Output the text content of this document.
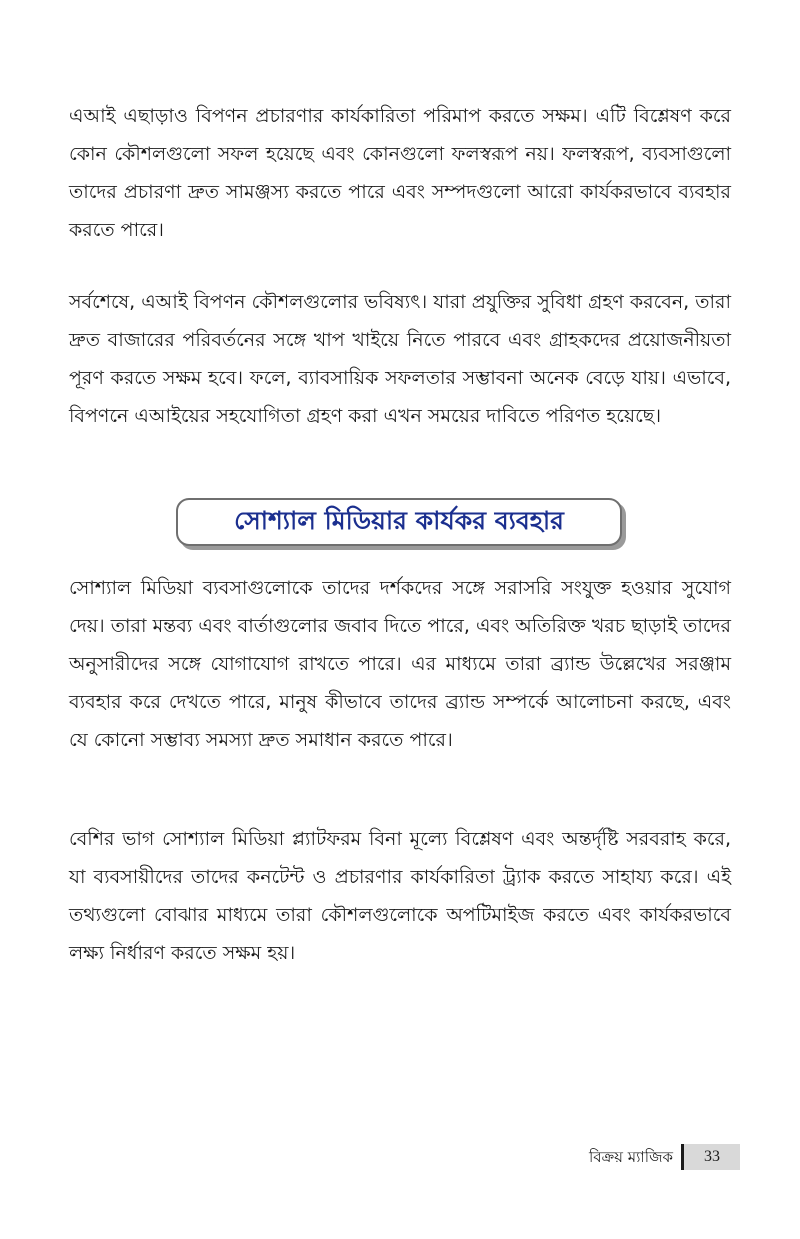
এআই এছাড়াও বিপণন প্রচারণার কার্যকারিতা পরিমাপ করতে সক্ষম। এটি বিশ্লেষণ করে কোন কৌশলগুলো সফল হয়েছে এবং কোনগুলো ফলস্বরূপ নয়। ফলস্বরূপ, ব্যবসাগুলো তাদের প্রচারণা দ্রুত সামঞ্জস্য করতে পারে এবং সম্পদগুলো আরো কার্যকরভাবে ব্যবহার করতে পারে।

সর্বশেষে, এআই বিপণন কৌশলগুলোর ভবিষ্যৎ। যারা প্রযুক্তির সুবিধা গ্রহণ করবেন, তারা দ্রুত বাজারের পরিবর্তনের সঙ্গে খাপ খাইয়ে নিতে পারবে এবং গ্রাহকদের প্রয়োজনীয়তা পূরণ করতে সক্ষম হবে। ফলে, ব্যাবসায়িক সফলতার সম্ভাবনা অনেক বেড়ে যায়। এভাবে, বিপণনে এআইয়ের সহযোগিতা গ্রহণ করা এখন সময়ের দাবিতে পরিণত হয়েছে।

সোশ্যাল মিডিয়ার কার্যকর ব্যবহার

সোশ্যাল মিডিয়া ব্যবসাগুলোকে তাদের দর্শকদের সঙ্গে সরাসরি সংযুক্ত হওয়ার সুযোগ দেয়। তারা মন্তব্য এবং বার্তাগুলোর জবাব দিতে পারে, এবং অতিরিক্ত খরচ ছাড়াই তাদের অনুসারীদের সঙ্গে যোগাযোগ রাখতে পারে। এর মাধ্যমে তারা ব্র্যান্ড উল্লেখের সরঞ্জাম ব্যবহার করে দেখতে পারে, মানুষ কীভাবে তাদের ব্র্যান্ড সম্পর্কে আলোচনা করছে, এবং যে কোনো সম্ভাব্য সমস্যা দ্রুত সমাধান করতে পারে।

বেশির ভাগ সোশ্যাল মিডিয়া প্ল্যাটফরম বিনা মূল্যে বিশ্লেষণ এবং অন্তর্দৃষ্টি সরবরাহ করে, যা ব্যবসায়ীদের তাদের কনটেন্ট ও প্রচারণার কার্যকারিতা ট্র্যাক করতে সাহায্য করে। এই তথ্যগুলো বোঝার মাধ্যমে তারা কৌশলগুলোকে অপটিমাইজ করতে এবং কার্যকরভাবে লক্ষ্য নির্ধারণ করতে সক্ষম হয়।

বিক্রয় ম্যাজিক	33
